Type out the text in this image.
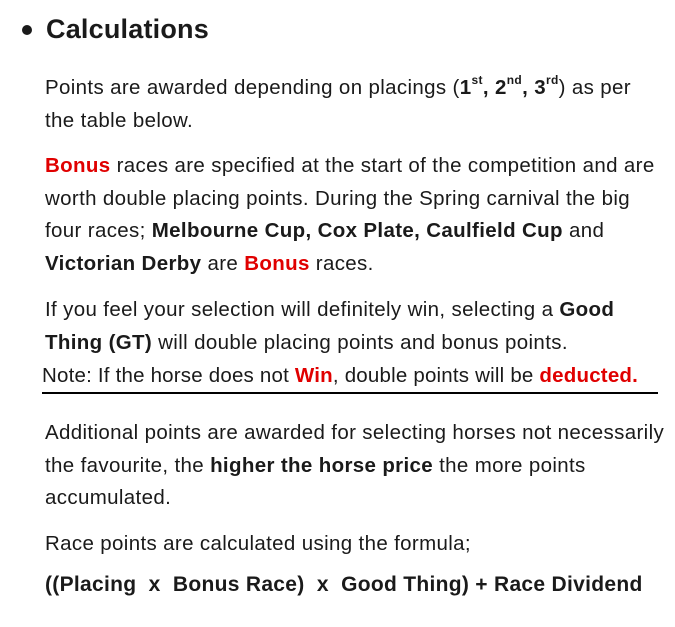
Calculations
Points are awarded depending on placings (1st, 2nd, 3rd) as per the table below.
Bonus races are specified at the start of the competition and are worth double placing points. During the Spring carnival the big four races; Melbourne Cup, Cox Plate, Caulfield Cup and Victorian Derby are Bonus races.
If you feel your selection will definitely win, selecting a Good Thing (GT) will double placing points and bonus points.
Note: If the horse does not Win, double points will be deducted.
Additional points are awarded for selecting horses not necessarily the favourite, the higher the horse price the more points accumulated.
Race points are calculated using the formula;
((Placing  x  Bonus Race)  x  Good Thing) + Race Dividend
